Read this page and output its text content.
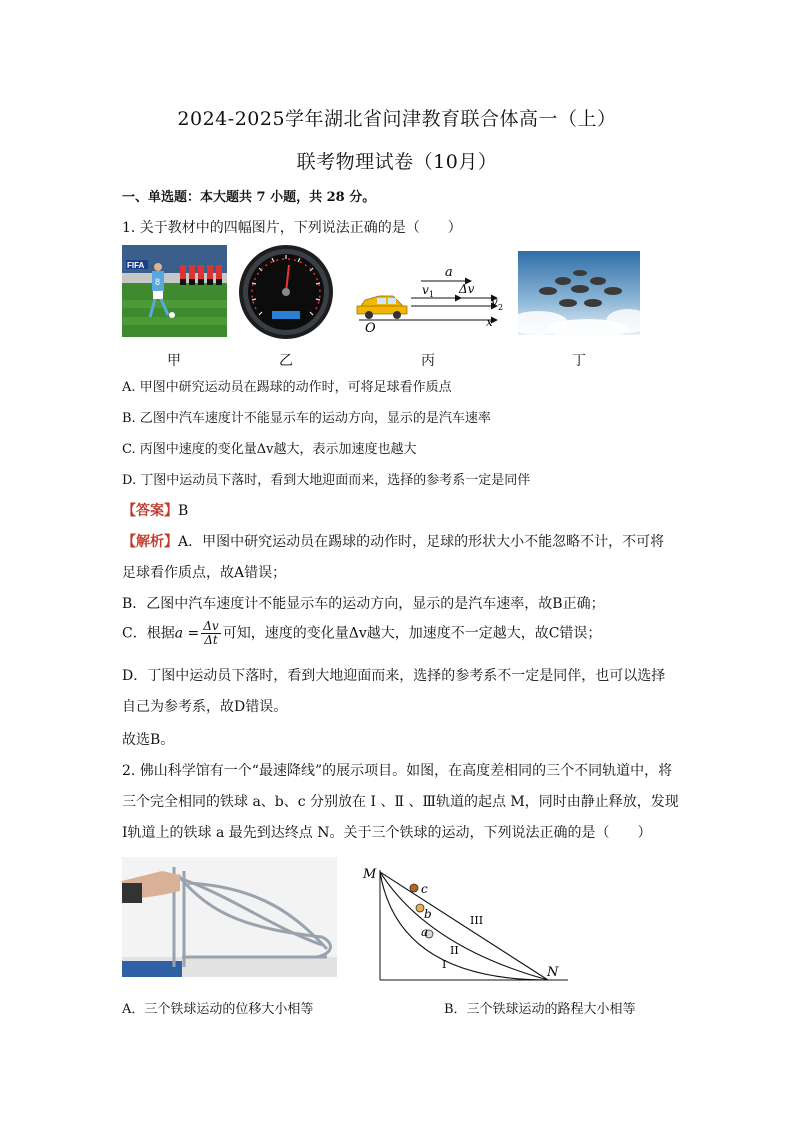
2024-2025学年湖北省问津教育联合体高一（上）
联考物理试卷（10月）
一、单选题：本大题共 7 小题，共 28 分。
1. 关于教材中的四幅图片，下列说法正确的是（　　）
FIFA
8
a
v 1 Δv
v 2
O	x
甲	乙	丙	丁
A. 甲图中研究运动员在踢球的动作时，可将足球看作质点
B. 乙图中汽车速度计不能显示车的运动方向，显示的是汽车速率
C. 丙图中速度的变化量Δv越大，表示加速度也越大
D. 丁图中运动员下落时，看到大地迎面而来，选择的参考系一定是同伴
【答案】B
【解析】A．甲图中研究运动员在踢球的动作时，足球的形状大小不能忽略不计，不可将
足球看作质点，故A错误；
B．乙图中汽车速度计不能显示车的运动方向，显示的是汽车速率，故B正确；
C．根据$a = \frac{\Delta v}{\Delta t}$ 可知，速度的变化量Δv越大，加速度不一定越大，故C错误；
D．丁图中运动员下落时，看到大地迎面而来，选择的参考系不一定是同伴，也可以选择
自己为参考系，故D错误。
故选B。
2. 佛山科学馆有一个“最速降线”的展示项目。如图，在高度差相同的三个不同轨道中，将
三个完全相同的铁球 a、b、c 分别放在 Ⅰ 、Ⅱ 、Ⅲ轨道的起点 M，同时由静止释放，发现
Ⅰ轨道上的铁球 a 最先到达终点 N。关于三个铁球的运动，下列说法正确的是（　　）
M
N
c
b
a
III
II
I
A．三个铁球运动的位移大小相等	B．三个铁球运动的路程大小相等
